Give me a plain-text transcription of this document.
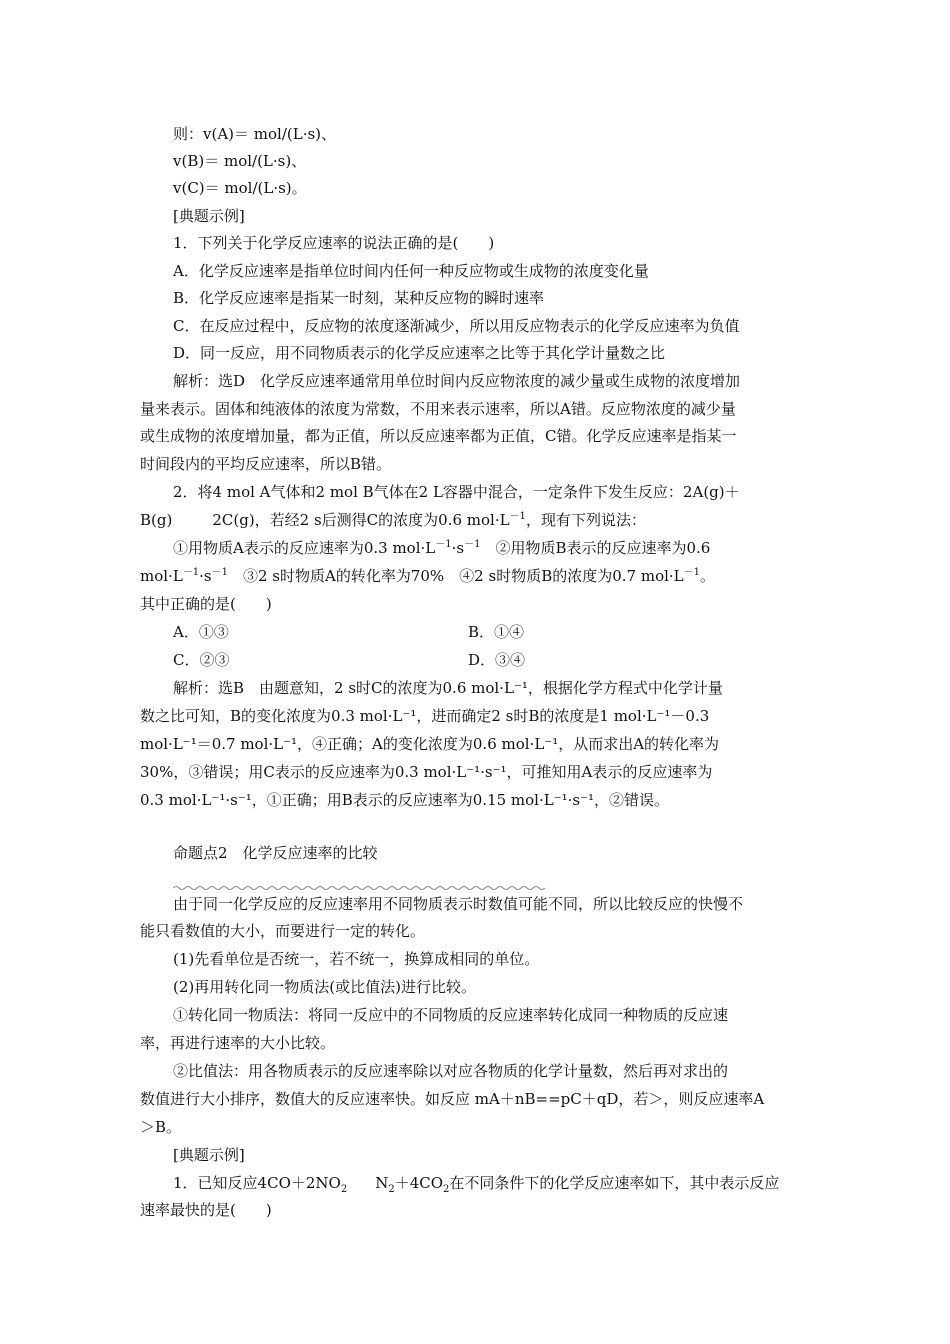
则：v(A)＝ mol/(L·s)、
v(B)＝ mol/(L·s)、
v(C)＝ mol/(L·s)。
[典题示例]
1．下列关于化学反应速率的说法正确的是(　　)
A．化学反应速率是指单位时间内任何一种反应物或生成物的浓度变化量
B．化学反应速率是指某一时刻，某种反应物的瞬时速率
C．在反应过程中，反应物的浓度逐渐减少，所以用反应物表示的化学反应速率为负值
D．同一反应，用不同物质表示的化学反应速率之比等于其化学计量数之比
解析：选D　化学反应速率通常用单位时间内反应物浓度的减少量或生成物的浓度增加
量来表示。固体和纯液体的浓度为常数，不用来表示速率，所以A错。反应物浓度的减少量
或生成物的浓度增加量，都为正值，所以反应速率都为正值，C错。化学反应速率是指某一
时间段内的平均反应速率，所以B错。
2．将4 mol A气体和2 mol B气体在2 L容器中混合，一定条件下发生反应：2A(g)＋
B(g)	2C(g)，若经2 s后测得C的浓度为0.6 $mol\cdot L^{-1}$，现有下列说法：
①用物质A表示的反应速率为0.3 $mol\cdot L^{-1}\cdot s^{-1}$　②用物质B表示的反应速率为0.6
$mol\cdot L^{-1}\cdot s^{-1}$　③2 s时物质A的转化率为70%　④2 s时物质B的浓度为0.7 $mol\cdot L^{-1}$。
其中正确的是(　　)
A．①③	B．①④
C．②③	D．③④
解析：选B　由题意知，2 s时C的浓度为0.6 mol·L⁻¹，根据化学方程式中化学计量
数之比可知，B的变化浓度为0.3 mol·L⁻¹，进而确定2 s时B的浓度是1 mol·L⁻¹－0.3
mol·L⁻¹＝0.7 mol·L⁻¹，④正确；A的变化浓度为0.6 mol·L⁻¹，从而求出A的转化率为
30%，③错误；用C表示的反应速率为0.3 mol·L⁻¹·s⁻¹，可推知用A表示的反应速率为
0.3 mol·L⁻¹·s⁻¹，①正确；用B表示的反应速率为0.15 mol·L⁻¹·s⁻¹，②错误。
命题点2　化学反应速率的比较
由于同一化学反应的反应速率用不同物质表示时数值可能不同，所以比较反应的快慢不
能只看数值的大小，而要进行一定的转化。
(1)先看单位是否统一，若不统一，换算成相同的单位。
(2)再用转化同一物质法(或比值法)进行比较。
①转化同一物质法：将同一反应中的不同物质的反应速率转化成同一种物质的反应速
率，再进行速率的大小比较。
②比值法：用各物质表示的反应速率除以对应各物质的化学计量数，然后再对求出的
数值进行大小排序，数值大的反应速率快。如反应 mA＋nB==pC＋qD，若＞，则反应速率A
＞B。
[典题示例]
1．已知反应$4CO+2NO_2$ $N_2+4CO_2$在不同条件下的化学反应速率如下，其中表示反应
速率最快的是(　　)
